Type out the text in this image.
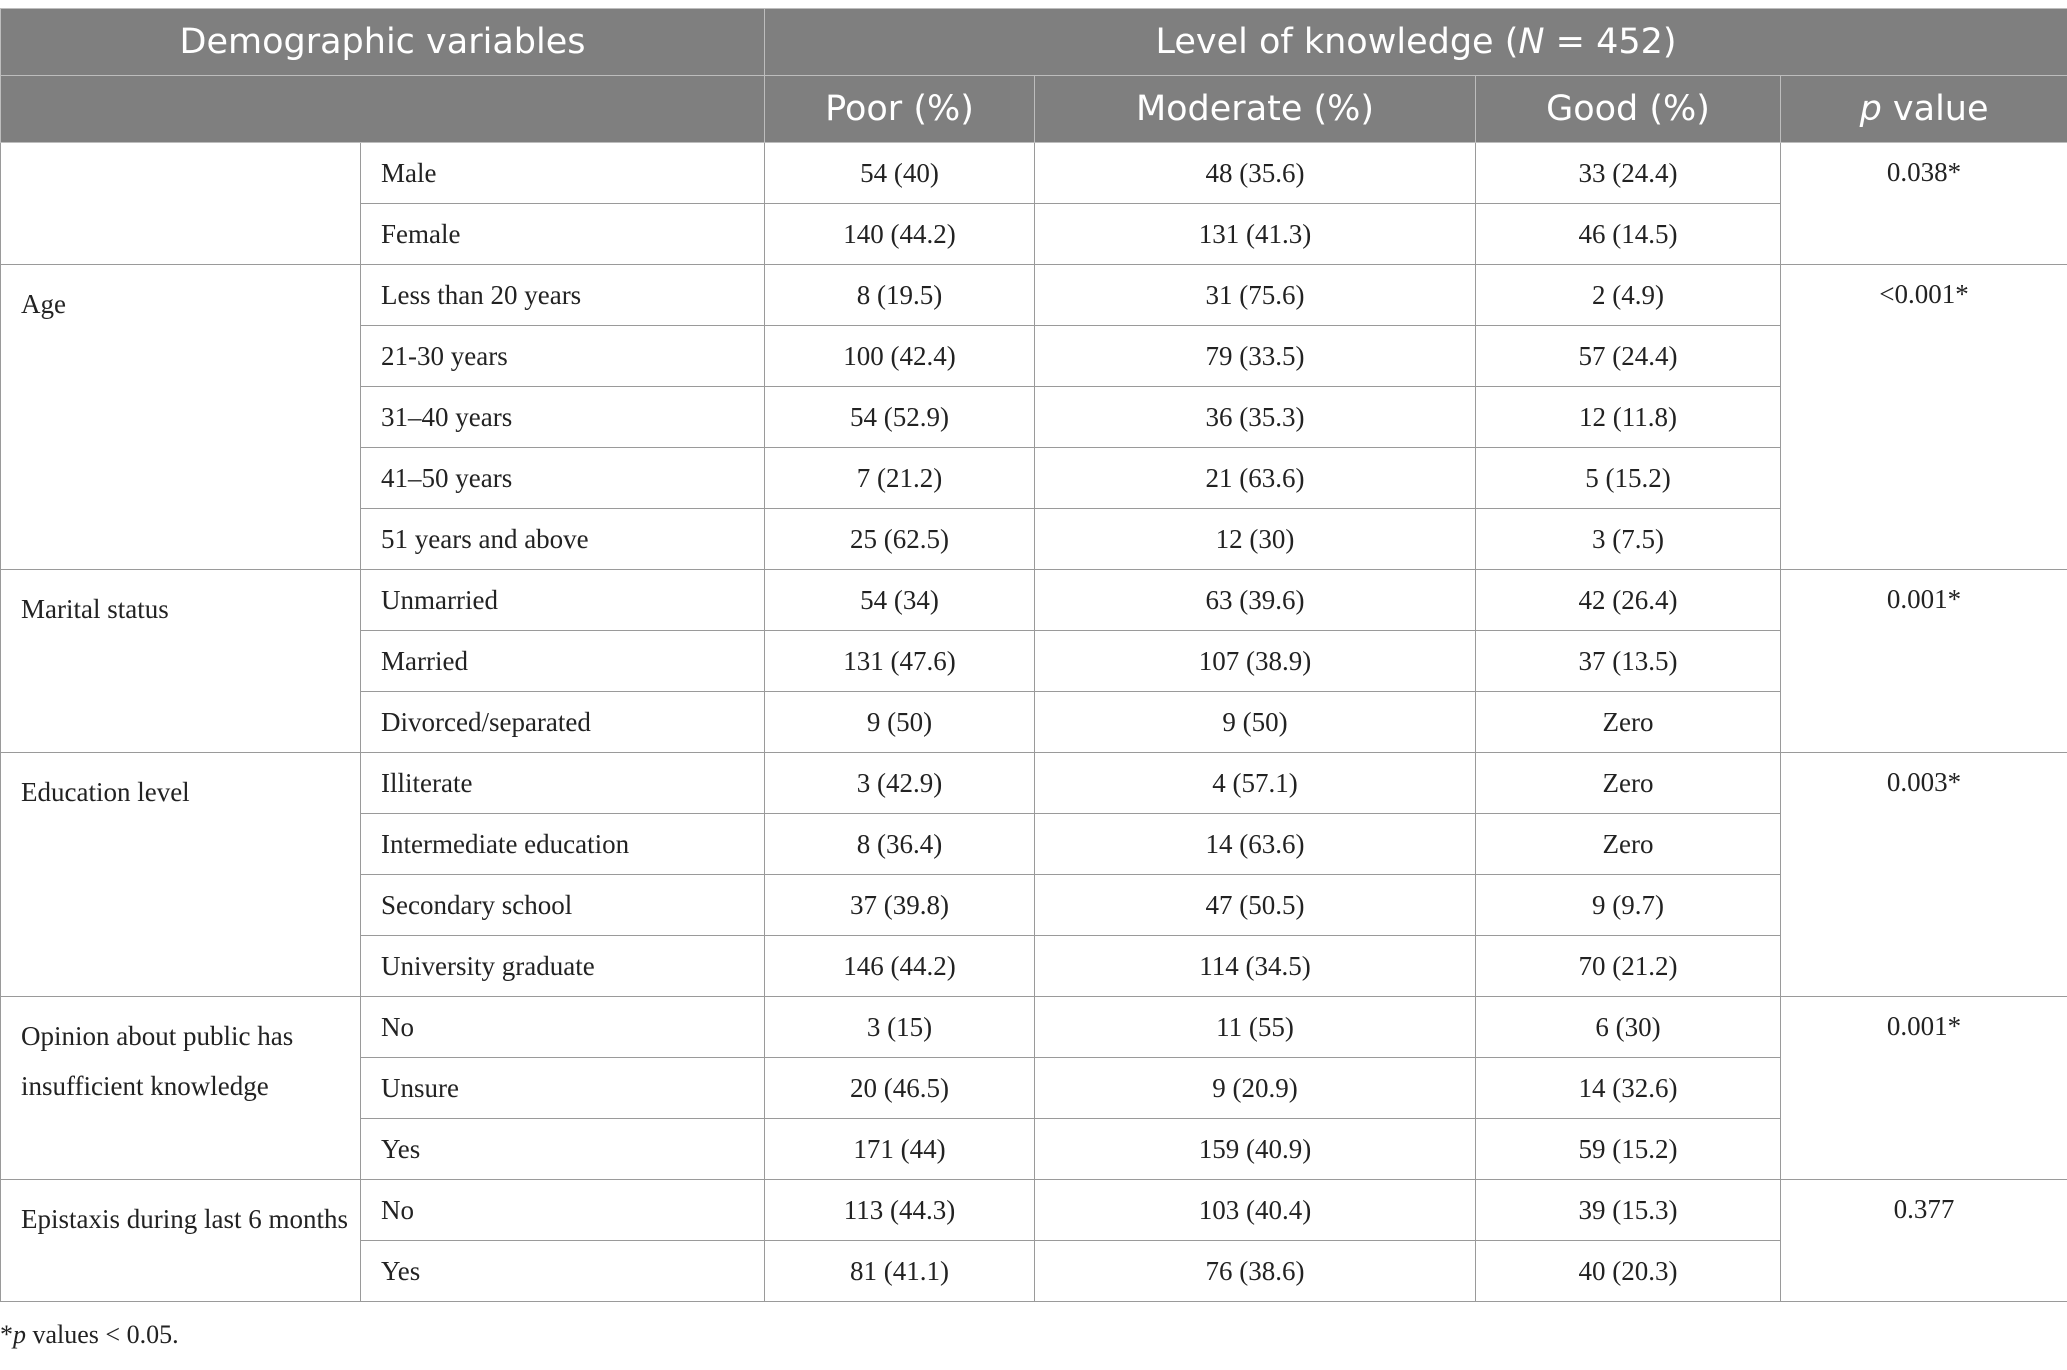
Demographic variables		Level of knowledge (N = 452)			
		Poor (%)	Moderate (%)	Good (%)	p value
	Male	54 (40)	48 (35.6)	33 (24.4)	0.038*
	Female	140 (44.2)	131 (41.3)	46 (14.5)	
Age	Less than 20 years	8 (19.5)	31 (75.6)	2 (4.9)	<0.001*
	21-30 years	100 (42.4)	79 (33.5)	57 (24.4)	
	31–40 years	54 (52.9)	36 (35.3)	12 (11.8)	
	41–50 years	7 (21.2)	21 (63.6)	5 (15.2)	
	51 years and above	25 (62.5)	12 (30)	3 (7.5)	
Marital status	Unmarried	54 (34)	63 (39.6)	42 (26.4)	0.001*
	Married	131 (47.6)	107 (38.9)	37 (13.5)	
	Divorced/separated	9 (50)	9 (50)	Zero	
Education level	Illiterate	3 (42.9)	4 (57.1)	Zero	0.003*
	Intermediate education	8 (36.4)	14 (63.6)	Zero	
	Secondary school	37 (39.8)	47 (50.5)	9 (9.7)	
	University graduate	146 (44.2)	114 (34.5)	70 (21.2)	
Opinion about public has insufficient knowledge	No	3 (15)	11 (55)	6 (30)	0.001*
	Unsure	20 (46.5)	9 (20.9)	14 (32.6)	
	Yes	171 (44)	159 (40.9)	59 (15.2)	
Epistaxis during last 6 months	No	113 (44.3)	103 (40.4)	39 (15.3)	0.377
	Yes	81 (41.1)	76 (38.6)	40 (20.3)	
*p values < 0.05.
